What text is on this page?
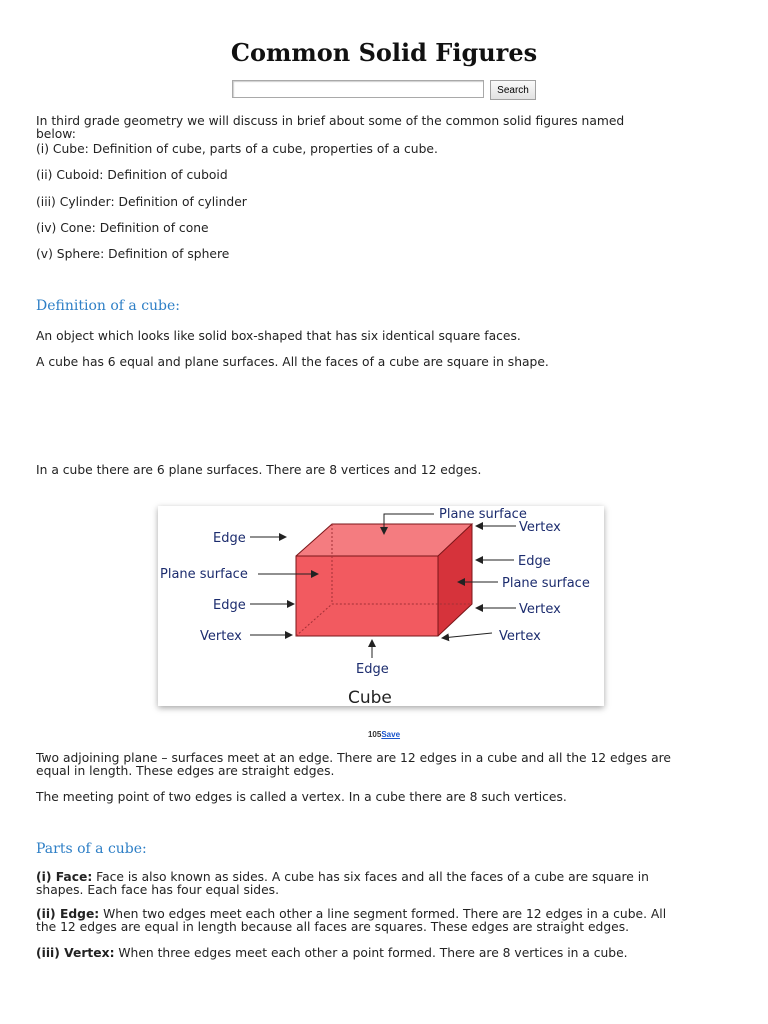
Common Solid Figures
Search
In third grade geometry we will discuss in brief about some of the common solid figures named
below:
(i) Cube: Definition of cube, parts of a cube, properties of a cube.
(ii) Cuboid: Definition of cuboid
(iii) Cylinder: Definition of cylinder
(iv) Cone: Definition of cone
(v) Sphere: Definition of sphere
Definition of a cube:
An object which looks like solid box-shaped that has six identical square faces.
A cube has 6 equal and plane surfaces. All the faces of a cube are square in shape.
In a cube there are 6 plane surfaces. There are 8 vertices and 12 edges.
Edge
Plane surface
Vertex
Edge
Plane surface
Plane surface
Edge	Vertex
Vertex	Vertex
Edge
Cube
105Save
Two adjoining plane – surfaces meet at an edge. There are 12 edges in a cube and all the 12 edges are
equal in length. These edges are straight edges.
The meeting point of two edges is called a vertex. In a cube there are 8 such vertices.
Parts of a cube:
(i) Face: Face is also known as sides. A cube has six faces and all the faces of a cube are square in
shapes. Each face has four equal sides.
(ii) Edge: When two edges meet each other a line segment formed. There are 12 edges in a cube. All
the 12 edges are equal in length because all faces are squares. These edges are straight edges.
(iii) Vertex: When three edges meet each other a point formed. There are 8 vertices in a cube.
